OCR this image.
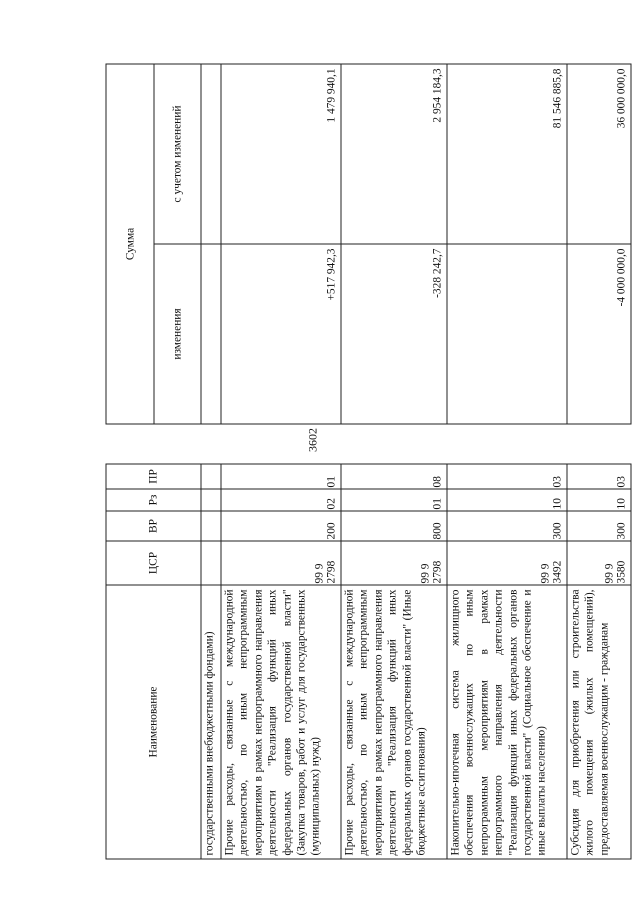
3602
Наименование	ЦСР	ВР	Рз	ПР		Сумма	
						изменения	с учетом изменений
государственными внебюджетными фондами)							
Прочие расходы, связанные с международной деятельностью, по иным непрограммным мероприятиям в рамках непрограммного направления деятельности "Реализация функций иных федеральных органов государственной власти" (Закупка товаров, работ и услуг для государственных (муниципальных) нужд)	99 9 2798	200	02	01		+517 942,3	1 479 940,1
Прочие расходы, связанные с международной деятельностью, по иным непрограммным мероприятиям в рамках непрограммного направления деятельности "Реализация функций иных федеральных органов государственной власти" (Иные бюджетные ассигнования)	99 9 2798	800	01	08		-328 242,7	2 954 184,3
Накопительно-ипотечная система жилищного обеспечения военнослужащих по иным непрограммным мероприятиям в рамках непрограммного направления деятельности "Реализация функций иных федеральных органов государственной власти" (Социальное обеспечение и иные выплаты населению)	99 9 3492	300	10	03			81 546 885,8
Субсидия для приобретения или строительства жилого помещения (жилых помещений), предоставляемая военнослужащим - гражданам	99 9 3580	300	10	03		-4 000 000,0	36 000 000,0
